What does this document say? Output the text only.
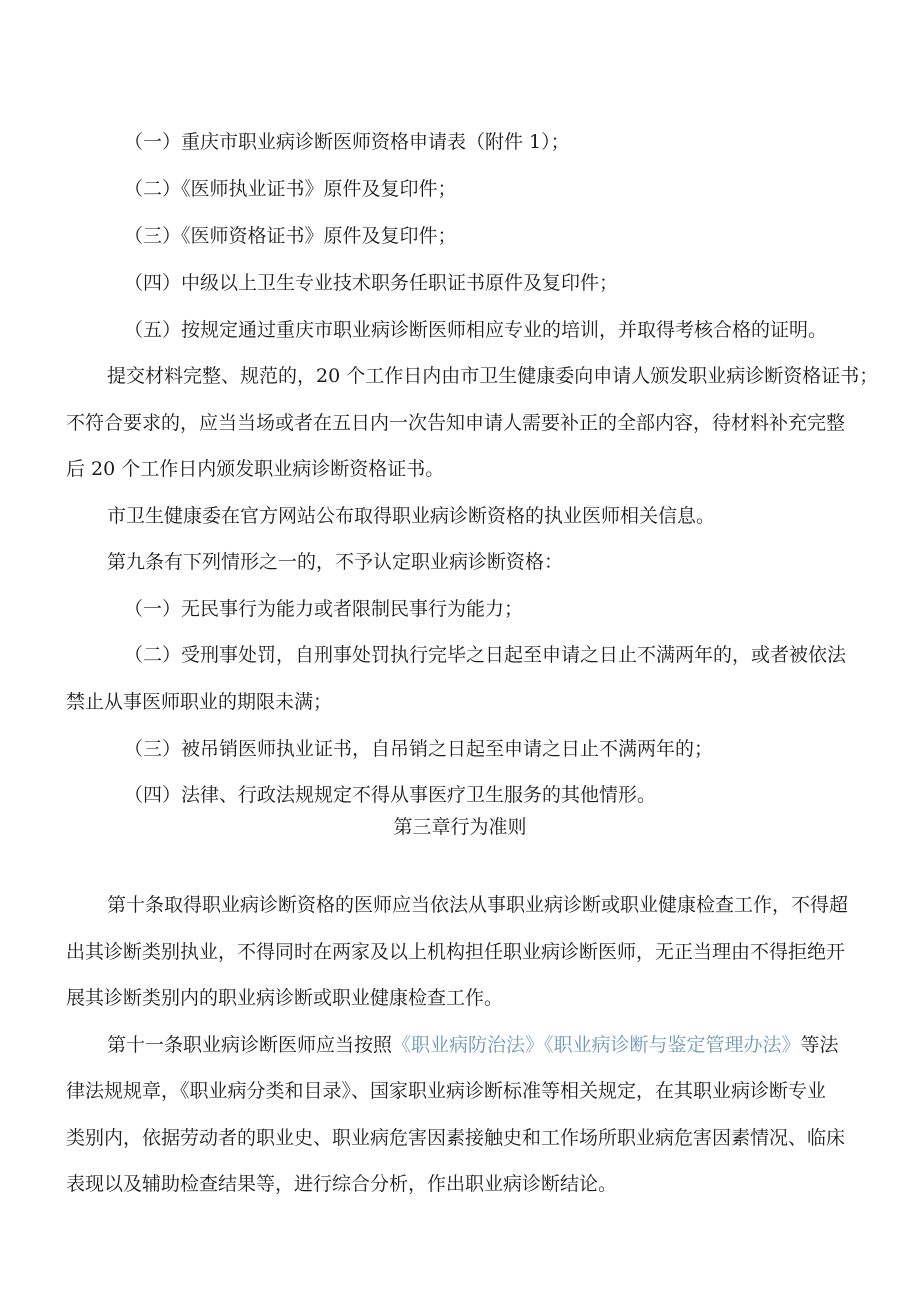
（一）重庆市职业病诊断医师资格申请表（附件 1）；
（二）《医师执业证书》原件及复印件；
（三）《医师资格证书》原件及复印件；
（四）中级以上卫生专业技术职务任职证书原件及复印件；
（五）按规定通过重庆市职业病诊断医师相应专业的培训，并取得考核合格的证明。
提交材料完整、规范的，20 个工作日内由市卫生健康委向申请人颁发职业病诊断资格证书；
不符合要求的，应当当场或者在五日内一次告知申请人需要补正的全部内容，待材料补充完整
后 20 个工作日内颁发职业病诊断资格证书。
市卫生健康委在官方网站公布取得职业病诊断资格的执业医师相关信息。
第九条有下列情形之一的，不予认定职业病诊断资格：
（一）无民事行为能力或者限制民事行为能力；
（二）受刑事处罚，自刑事处罚执行完毕之日起至申请之日止不满两年的，或者被依法
禁止从事医师职业的期限未满；
（三）被吊销医师执业证书，自吊销之日起至申请之日止不满两年的；
（四）法律、行政法规规定不得从事医疗卫生服务的其他情形。
第三章行为准则
第十条取得职业病诊断资格的医师应当依法从事职业病诊断或职业健康检查工作，不得超
出其诊断类别执业，不得同时在两家及以上机构担任职业病诊断医师，无正当理由不得拒绝开
展其诊断类别内的职业病诊断或职业健康检查工作。
第十一条职业病诊断医师应当按照《职业病防治法》《职业病诊断与鉴定管理办法》等法
律法规规章，《职业病分类和目录》、国家职业病诊断标准等相关规定，在其职业病诊断专业
类别内，依据劳动者的职业史、职业病危害因素接触史和工作场所职业病危害因素情况、临床
表现以及辅助检查结果等，进行综合分析，作出职业病诊断结论。
